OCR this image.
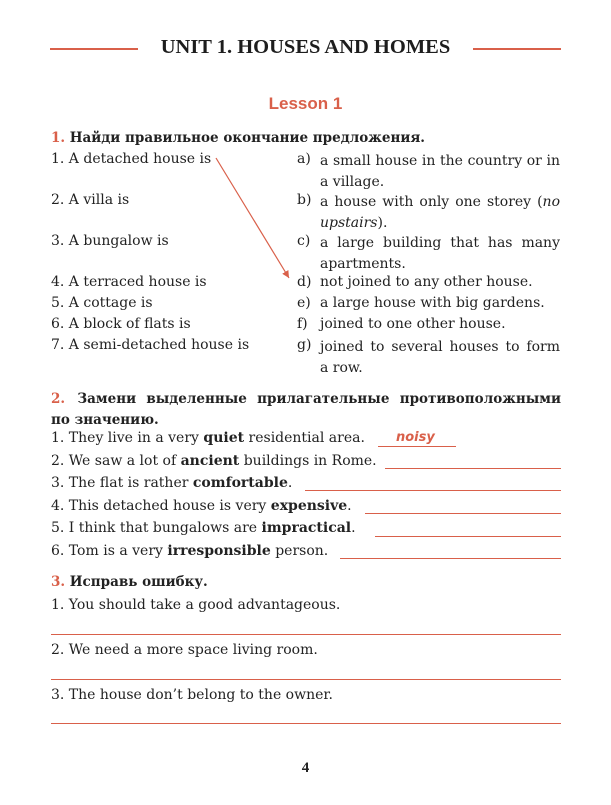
UNIT 1. HOUSES AND HOMES
Lesson 1
1. Найди правильное окончание предложения.
1. A detached house is
2. A villa is
3. A bungalow is
4. A terraced house is
5. A cottage is
6. A block of flats is
7. A semi-detached house is
a)
b)
c)
d)
e)
f)
g)
a small house in the country or in a village.
a house with only one storey (no upstairs).
a large building that has many apartments.
not joined to any other house.
a large house with big gardens.
joined to one other house.
joined to several houses to form a row.
2. Замени выделенные прилагательные противоположными по значению.
1. They live in a very quiet residential area. noisy
2. We saw a lot of ancient buildings in Rome.
3. The flat is rather comfortable.
4. This detached house is very expensive.
5. I think that bungalows are impractical.
6. Tom is a very irresponsible person.
3. Исправь ошибку.
1. You should take a good advantageous.
2. We need a more space living room.
3. The house don’t belong to the owner.
4
